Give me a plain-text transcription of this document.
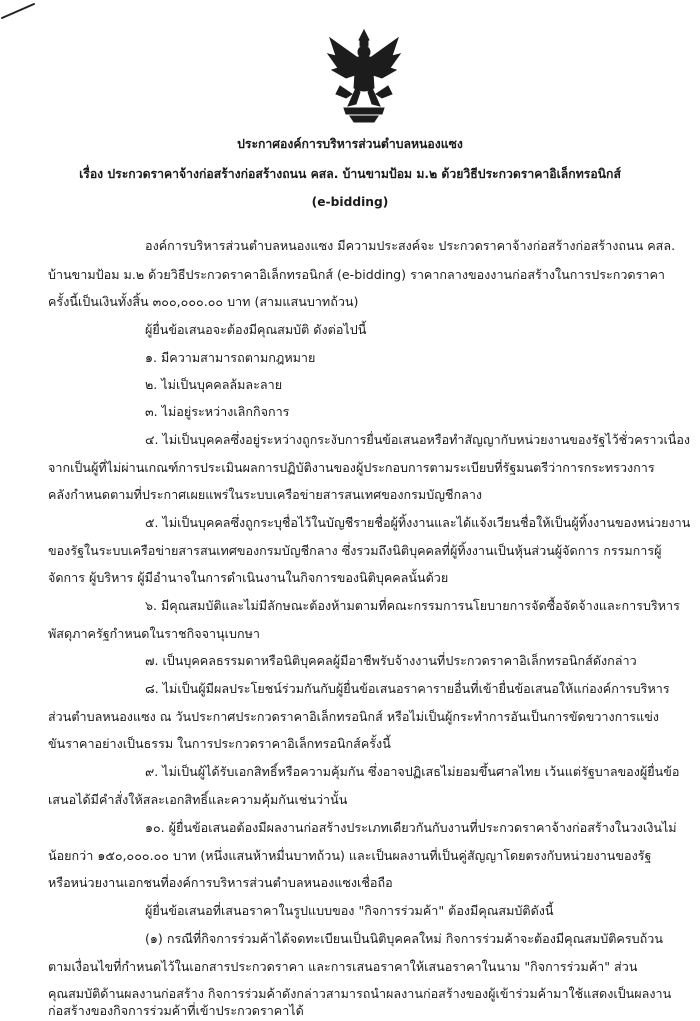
ประกาศองค์การบริหารส่วนตำบลหนองแซง
เรื่อง ประกวดราคาจ้างก่อสร้างก่อสร้างถนน คสล. บ้านขามป้อม ม.๒ ด้วยวิธีประกวดราคาอิเล็กทรอนิกส์
(e-bidding)
องค์การบริหารส่วนตำบลหนองแซง มีความประสงค์จะ ประกวดราคาจ้างก่อสร้างก่อสร้างถนน คสล.
บ้านขามป้อม ม.๒ ด้วยวิธีประกวดราคาอิเล็กทรอนิกส์ (e-bidding) ราคากลางของงานก่อสร้างในการประกวดราคา
ครั้งนี้เป็นเงินทั้งสิ้น ๓๐๐,๐๐๐.๐๐ บาท (สามแสนบาทถ้วน)
ผู้ยื่นข้อเสนอจะต้องมีคุณสมบัติ ดังต่อไปนี้
๑. มีความสามารถตามกฎหมาย
๒. ไม่เป็นบุคคลล้มละลาย
๓. ไม่อยู่ระหว่างเลิกกิจการ
๔. ไม่เป็นบุคคลซึ่งอยู่ระหว่างถูกระงับการยื่นข้อเสนอหรือทำสัญญากับหน่วยงานของรัฐไว้ชั่วคราวเนื่อง
จากเป็นผู้ที่ไม่ผ่านเกณฑ์การประเมินผลการปฏิบัติงานของผู้ประกอบการตามระเบียบที่รัฐมนตรีว่าการกระทรวงการ
คลังกำหนดตามที่ประกาศเผยแพร่ในระบบเครือข่ายสารสนเทศของกรมบัญชีกลาง
๕. ไม่เป็นบุคคลซึ่งถูกระบุชื่อไว้ในบัญชีรายชื่อผู้ทิ้งงานและได้แจ้งเวียนชื่อให้เป็นผู้ทิ้งงานของหน่วยงาน
ของรัฐในระบบเครือข่ายสารสนเทศของกรมบัญชีกลาง ซึ่งรวมถึงนิติบุคคลที่ผู้ทิ้งงานเป็นหุ้นส่วนผู้จัดการ กรรมการผู้
จัดการ ผู้บริหาร ผู้มีอำนาจในการดำเนินงานในกิจการของนิติบุคคลนั้นด้วย
๖. มีคุณสมบัติและไม่มีลักษณะต้องห้ามตามที่คณะกรรมการนโยบายการจัดซื้อจัดจ้างและการบริหาร
พัสดุภาครัฐกำหนดในราชกิจจานุเบกษา
๗. เป็นบุคคลธรรมดาหรือนิติบุคคลผู้มีอาชีพรับจ้างงานที่ประกวดราคาอิเล็กทรอนิกส์ดังกล่าว
๘. ไม่เป็นผู้มีผลประโยชน์ร่วมกันกับผู้ยื่นข้อเสนอราคารายอื่นที่เข้ายื่นข้อเสนอให้แก่องค์การบริหาร
ส่วนตำบลหนองแซง ณ วันประกาศประกวดราคาอิเล็กทรอนิกส์ หรือไม่เป็นผู้กระทำการอันเป็นการขัดขวางการแข่ง
ขันราคาอย่างเป็นธรรม ในการประกวดราคาอิเล็กทรอนิกส์ครั้งนี้
๙. ไม่เป็นผู้ได้รับเอกสิทธิ์หรือความคุ้มกัน ซึ่งอาจปฏิเสธไม่ยอมขึ้นศาลไทย เว้นแต่รัฐบาลของผู้ยื่นข้อ
เสนอได้มีคำสั่งให้สละเอกสิทธิ์และความคุ้มกันเช่นว่านั้น
๑๐. ผู้ยื่นข้อเสนอต้องมีผลงานก่อสร้างประเภทเดียวกันกับงานที่ประกวดราคาจ้างก่อสร้างในวงเงินไม่
น้อยกว่า ๑๕๐,๐๐๐.๐๐ บาท (หนึ่งแสนห้าหมื่นบาทถ้วน) และเป็นผลงานที่เป็นคู่สัญญาโดยตรงกับหน่วยงานของรัฐ
หรือหน่วยงานเอกชนที่องค์การบริหารส่วนตำบลหนองแซงเชื่อถือ
ผู้ยื่นข้อเสนอที่เสนอราคาในรูปแบบของ "กิจการร่วมค้า" ต้องมีคุณสมบัติดังนี้
(๑) กรณีที่กิจการร่วมค้าได้จดทะเบียนเป็นนิติบุคคลใหม่ กิจการร่วมค้าจะต้องมีคุณสมบัติครบถ้วน
ตามเงื่อนไขที่กำหนดไว้ในเอกสารประกวดราคา และการเสนอราคาให้เสนอราคาในนาม "กิจการร่วมค้า" ส่วน
คุณสมบัติด้านผลงานก่อสร้าง กิจการร่วมค้าดังกล่าวสามารถนำผลงานก่อสร้างของผู้เข้าร่วมค้ามาใช้แสดงเป็นผลงาน
ก่อสร้างของกิจการร่วมค้าที่เข้าประกวดราคาได้
